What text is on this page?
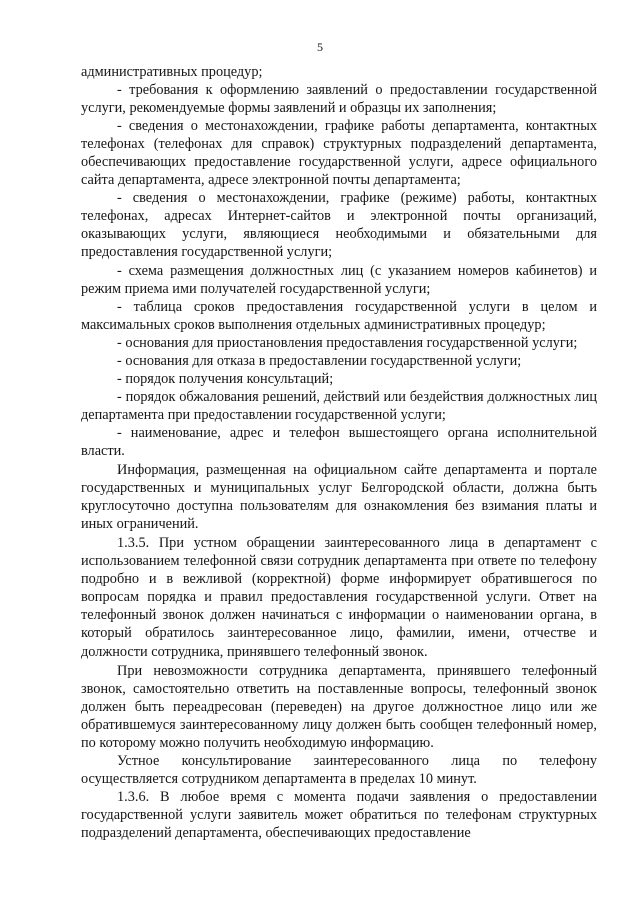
5

административных процедур;

- требования к оформлению заявлений о предоставлении государственной услуги, рекомендуемые формы заявлений и образцы их заполнения;

- сведения о местонахождении, графике работы департамента, контактных телефонах (телефонах для справок) структурных подразделений департамента, обеспечивающих предоставление государственной услуги, адресе официального сайта департамента, адресе электронной почты департамента;

- сведения о местонахождении, графике (режиме) работы, контактных телефонах, адресах Интернет-сайтов и электронной почты организаций, оказывающих услуги, являющиеся необходимыми и обязательными для предоставления государственной услуги;

- схема размещения должностных лиц (с указанием номеров кабинетов) и режим приема ими получателей государственной услуги;

- таблица сроков предоставления государственной услуги в целом и максимальных сроков выполнения отдельных административных процедур;

- основания для приостановления предоставления государственной услуги;

- основания для отказа в предоставлении государственной услуги;

- порядок получения консультаций;

- порядок обжалования решений, действий или бездействия должностных лиц департамента при предоставлении государственной услуги;

- наименование, адрес и телефон вышестоящего органа исполнительной власти.

Информация, размещенная на официальном сайте департамента и портале государственных и муниципальных услуг Белгородской области, должна быть круглосуточно доступна пользователям для ознакомления без взимания платы и иных ограничений.

1.3.5. При устном обращении заинтересованного лица в департамент с использованием телефонной связи сотрудник департамента при ответе по телефону подробно и в вежливой (корректной) форме информирует обратившегося по вопросам порядка и правил предоставления государственной услуги. Ответ на телефонный звонок должен начинаться с информации о наименовании органа, в который обратилось заинтересованное лицо, фамилии, имени, отчестве и должности сотрудника, принявшего телефонный звонок.

При невозможности сотрудника департамента, принявшего телефонный звонок, самостоятельно ответить на поставленные вопросы, телефонный звонок должен быть переадресован (переведен) на другое должностное лицо или же обратившемуся заинтересованному лицу должен быть сообщен телефонный номер, по которому можно получить необходимую информацию.

Устное консультирование заинтересованного лица по телефону осуществляется сотрудником департамента в пределах 10 минут.

1.3.6. В любое время с момента подачи заявления о предоставлении государственной услуги заявитель может обратиться по телефонам структурных подразделений департамента, обеспечивающих предоставление
